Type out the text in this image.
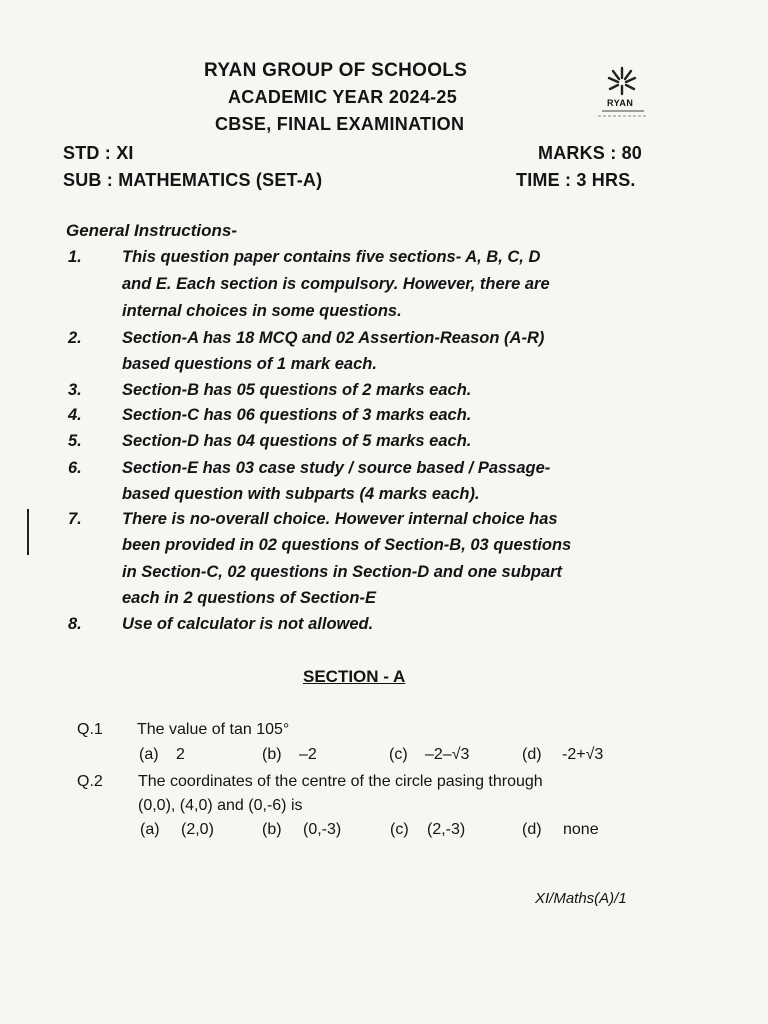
RYAN GROUP OF SCHOOLS
ACADEMIC YEAR 2024-25
CBSE, FINAL EXAMINATION
RYAN
STD : XI	MARKS : 80
SUB : MATHEMATICS (SET-A)	TIME : 3 HRS.
General Instructions-
1. This question paper contains five sections- A, B, C, D
and E. Each section is compulsory. However, there are
internal choices in some questions.
2. Section-A has 18 MCQ and 02 Assertion-Reason (A-R)
based questions of 1 mark each.
3. Section-B has 05 questions of 2 marks each.
4. Section-C has 06 questions of 3 marks each.
5. Section-D has 04 questions of 5 marks each.
6. Section-E has 03 case study / source based / Passage-
based question with subparts (4 marks each).
7. There is no-overall choice. However internal choice has
been provided in 02 questions of Section-B, 03 questions
in Section-C, 02 questions in Section-D and one subpart
each in 2 questions of Section-E
8. Use of calculator is not allowed.
SECTION - A
Q.1 The value of tan 105°
(a) 2	(b) –2	(c) –2–√3	(d) -2+√3
Q.2 The coordinates of the centre of the circle pasing through
(0,0), (4,0) and (0,-6) is
(a) (2,0)	(b) (0,-3)	(c) (2,-3)	(d) none
XI/Maths(A)/1
